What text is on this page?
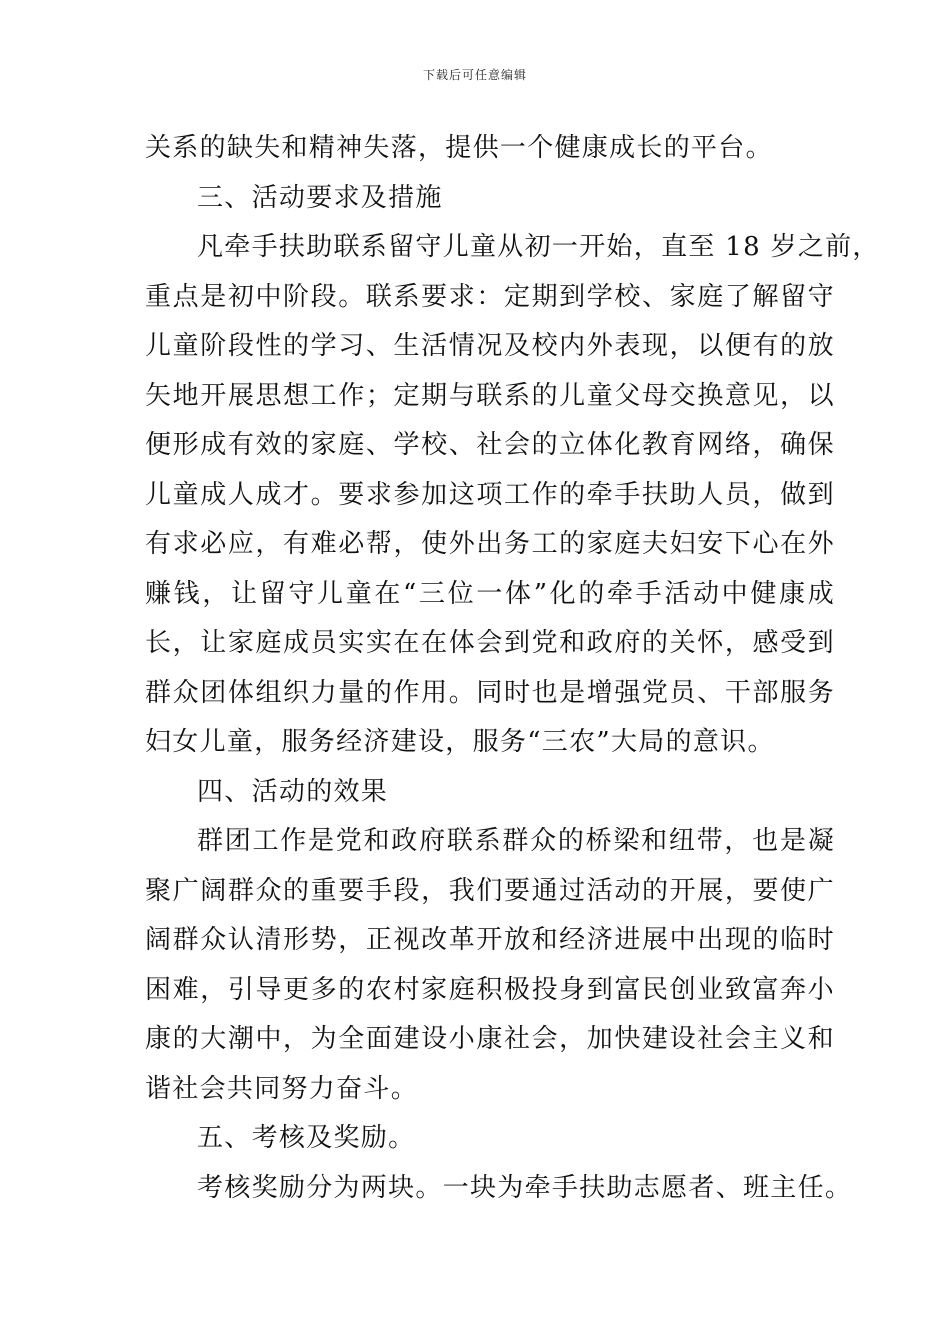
下载后可任意编辑
关系的缺失和精神失落，提供一个健康成长的平台。
三、活动要求及措施
凡牵手扶助联系留守儿童从初一开始，直至 18 岁之前，
重点是初中阶段。联系要求：定期到学校、家庭了解留守
儿童阶段性的学习、生活情况及校内外表现，以便有的放
矢地开展思想工作；定期与联系的儿童父母交换意见，以
便形成有效的家庭、学校、社会的立体化教育网络，确保
儿童成人成才。要求参加这项工作的牵手扶助人员，做到
有求必应，有难必帮，使外出务工的家庭夫妇安下心在外
赚钱，让留守儿童在“三位一体”化的牵手活动中健康成
长，让家庭成员实实在在体会到党和政府的关怀，感受到
群众团体组织力量的作用。同时也是增强党员、干部服务
妇女儿童，服务经济建设，服务“三农”大局的意识。
四、活动的效果
群团工作是党和政府联系群众的桥梁和纽带，也是凝
聚广阔群众的重要手段，我们要通过活动的开展，要使广
阔群众认清形势，正视改革开放和经济进展中出现的临时
困难，引导更多的农村家庭积极投身到富民创业致富奔小
康的大潮中，为全面建设小康社会，加快建设社会主义和
谐社会共同努力奋斗。
五、考核及奖励。
考核奖励分为两块。一块为牵手扶助志愿者、班主任。
